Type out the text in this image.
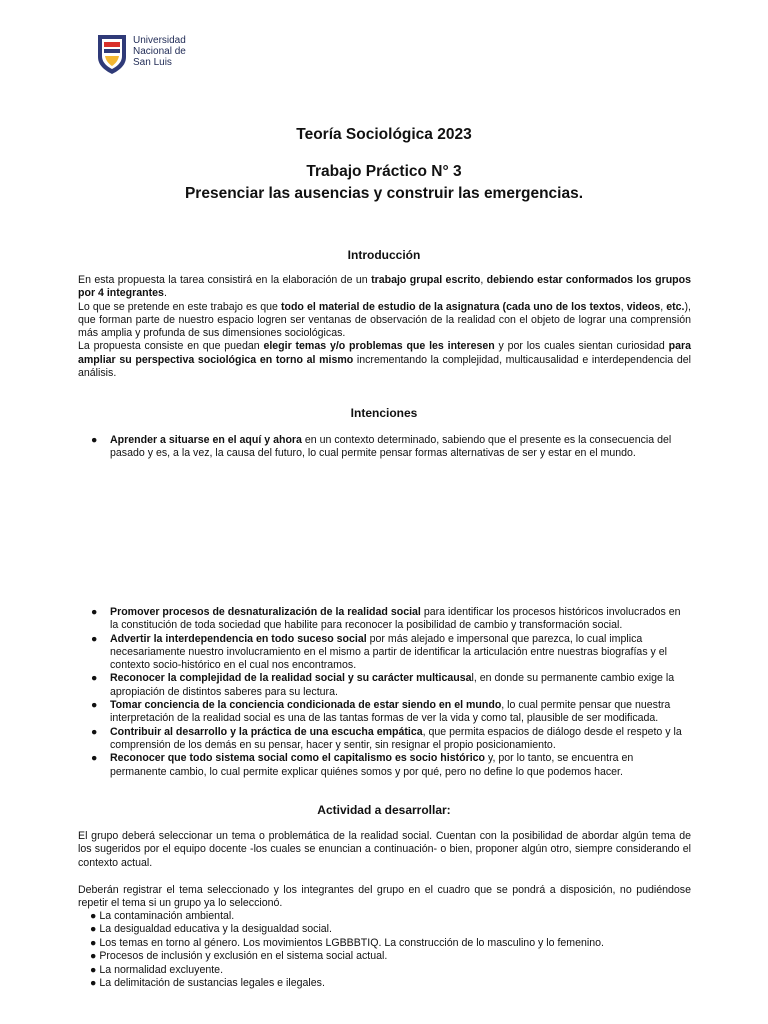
Universidad
Nacional de
San Luis
Teoría Sociológica 2023
Trabajo Práctico N° 3
Presenciar las ausencias y construir las emergencias.
Introducción

En esta propuesta la tarea consistirá en la elaboración de un trabajo grupal escrito, debiendo estar conformados los grupos por 4 integrantes.

Lo que se pretende en este trabajo es que todo el material de estudio de la asignatura (cada uno de los textos, videos, etc.), que forman parte de nuestro espacio logren ser ventanas de observación de la realidad con el objeto de lograr una comprensión más amplia y profunda de sus dimensiones sociológicas.

La propuesta consiste en que puedan elegir temas y/o problemas que les interesen y por los cuales sientan curiosidad para ampliar su perspectiva sociológica en torno al mismo incrementando la complejidad, multicausalidad e interdependencia del análisis.

Intenciones
● Aprender a situarse en el aquí y ahora en un contexto determinado, sabiendo que el presente es la consecuencia del pasado y es, a la vez, la causa del futuro, lo cual permite pensar formas alternativas de ser y estar en el mundo.
● Promover procesos de desnaturalización de la realidad social para identificar los procesos históricos involucrados en la constitución de toda sociedad que habilite para reconocer la posibilidad de cambio y transformación social.
● Advertir la interdependencia en todo suceso social por más alejado e impersonal que parezca, lo cual implica necesariamente nuestro involucramiento en el mismo a partir de identificar la articulación entre nuestras biografías y el contexto socio-histórico en el cual nos encontramos.
● Reconocer la complejidad de la realidad social y su carácter multicausal, en donde su permanente cambio exige la apropiación de distintos saberes para su lectura.
● Tomar conciencia de la conciencia condicionada de estar siendo en el mundo, lo cual permite pensar que nuestra interpretación de la realidad social es una de las tantas formas de ver la vida y como tal, plausible de ser modificada.
● Contribuir al desarrollo y la práctica de una escucha empática, que permita espacios de diálogo desde el respeto y la comprensión de los demás en su pensar, hacer y sentir, sin resignar el propio posicionamiento.
● Reconocer que todo sistema social como el capitalismo es socio histórico y, por lo tanto, se encuentra en permanente cambio, lo cual permite explicar quiénes somos y por qué, pero no define lo que podemos hacer.
Actividad a desarrollar:
El grupo deberá seleccionar un tema o problemática de la realidad social. Cuentan con la posibilidad de abordar algún tema de los sugeridos por el equipo docente -los cuales se enuncian a continuación- o bien, proponer algún otro, siempre considerando el contexto actual.
Deberán registrar el tema seleccionado y los integrantes del grupo en el cuadro que se pondrá a disposición, no pudiéndose repetir el tema si un grupo ya lo seleccionó.
● La contaminación ambiental.
● La desigualdad educativa y la desigualdad social.
● Los temas en torno al género. Los movimientos LGBBBTIQ. La construcción de lo masculino y lo femenino.
● Procesos de inclusión y exclusión en el sistema social actual.
● La normalidad excluyente.
● La delimitación de sustancias legales e ilegales.
